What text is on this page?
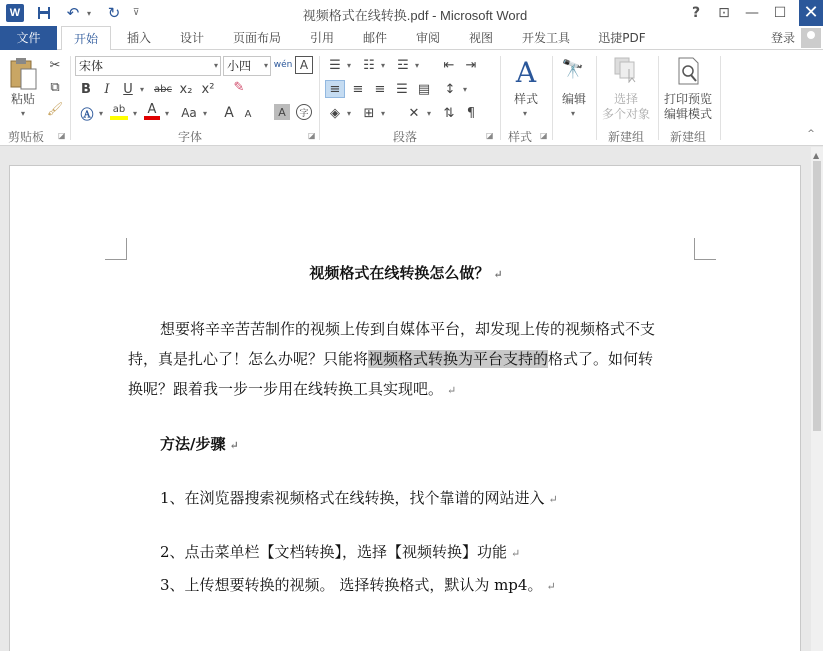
W	↶ ▾ ↻	⊽	视频格式在线转换.pdf - Microsoft Word	?	⊡	—	☐ ✕
文件	开始	插入	设计	页面布局	引用	邮件	审阅	视图	开发工具	迅捷PDF	登录
粘贴
▾
✂
⧉
🖌
剪贴板	◪
宋体	▾ 小四 ▾ wén A
B	I	U ▾	abc x₂ x² ✎
Ⓐ ▾ ab ▾ A	▾ Aa ▾ A A	A	字
字体	◪
☰ ▾ ☷ ▾ ☲ ▾ ⇤ ⇥
≡ ≡ ≡ ☰ ▤	↕ ▾
◈ ▾ ⊞ ▾	✕ ▾ ⇅ ¶
段落	◪
A
样式
▾
样式	◪
🔭
编辑
▾
选择
多个对象
新建组
打印预览
编辑模式
新建组	^
视频格式在线转换怎么做？ ↵
想要将辛辛苦苦制作的视频上传到自媒体平台，却发现上传的视频格式不支
持，真是扎心了！怎么办呢？只能将视频格式转换为平台支持的格式了。如何转
换呢？跟着我一步一步用在线转换工具实现吧。 ↵
方法/步骤 ↵
1、在浏览器搜索视频格式在线转换，找个靠谱的网站进入 ↵
2、点击菜单栏【文档转换】，选择【视频转换】功能 ↵
3、上传想要转换的视频。 选择转换格式，默认为 mp4。 ↵
▲
